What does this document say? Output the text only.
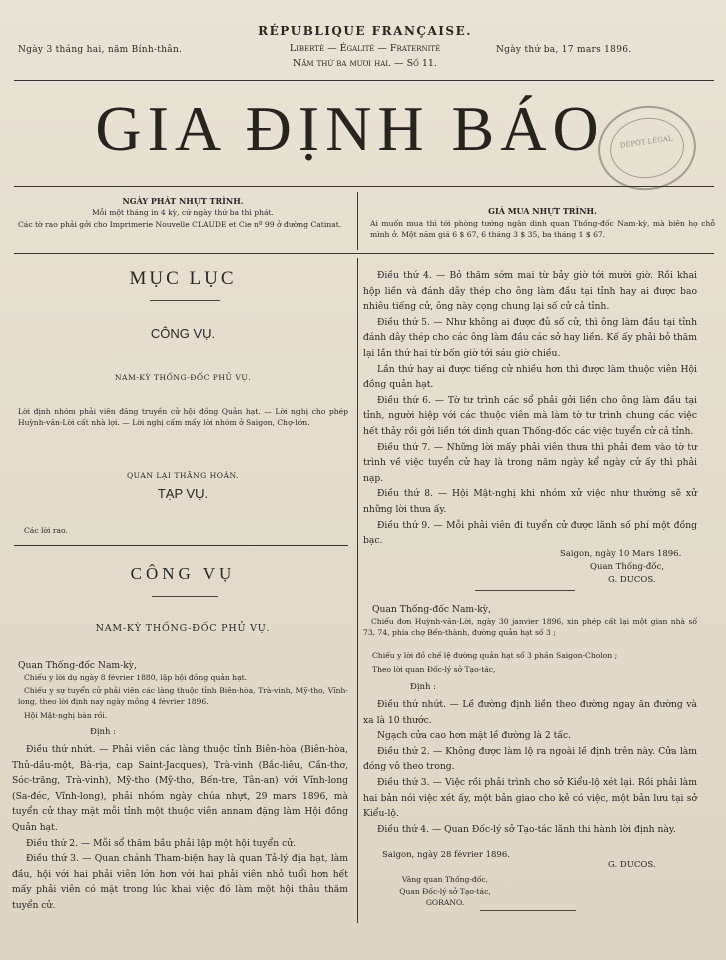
Ngày 3 tháng hai, năm Bính-thân.
RÉPUBLIQUE FRANÇAISE.
Liberté — Égalité — Fraternité
Năm thứ ba mươi hai. — Số 11.
Ngày thứ ba, 17 mars 1896.
GIA ĐỊNH BÁO	DÉPÔT LÉGAL
NGÀY PHÁT NHỰT TRÌNH.
Mỗi một tháng in 4 kỳ, cứ ngày thứ ba thì phát.
Các tờ rao phải gởi cho Imprimerie Nouvelle CLAUDE et Cie nº 99 ở đường Catinat.
GIÁ MUA NHỰT TRÌNH.
Ai muốn mua thì tới phòng tướng ngân dinh quan Thống-đốc Nam-kỳ, mà biên họ chỗ mình ở. Một năm giá 6 $ 67, 6 tháng 3 $ 35, ba tháng 1 $ 67.
MỤC LỤC
CÔNG VỤ.
NAM-KỲ THỐNG-ĐỐC PHỦ VỤ.
Lời định nhóm phải viên đăng truyền cử hội đồng Quản hạt. — Lời nghị cho phép Huỳnh-văn-Lời cất nhà lợi. — Lời nghị cấm mấy lời nhóm ở Saigon, Chợ-lớn.
QUAN LẠI THĂNG HOÁN.
TẠP VỤ.
Các lời rao.
CÔNG VỤ
NAM-KỲ THỐNG-ĐỐC PHỦ VỤ.
Quan Thống-đốc Nam-kỳ,
Chiếu y lời dụ ngày 8 février 1880, lập hội đồng quản hạt.
Chiếu y sự tuyển cử phải viên các làng thuộc tỉnh Biên-hòa, Trà-vinh, Mỹ-tho, Vĩnh-long, theo lời định nay ngày mồng 4 février 1896.
Hội Mật-nghị bàn rồi.
Định :

Điều thứ nhứt. — Phải viên các làng thuộc tỉnh Biên-hòa (Biên-hòa, Thủ-dầu-một, Bà-rịa, cap Saint-Jacques), Trà-vinh (Bắc-liêu, Cần-thơ, Sóc-trăng, Trà-vinh), Mỹ-tho (Mỹ-tho, Bến-tre, Tân-an) với Vĩnh-long (Sa-đéc, Vĩnh-long), phải nhóm ngày chúa nhựt, 29 mars 1896, mà tuyển cử thay mặt mỗi tỉnh một thuộc viên annam đặng làm Hội đồng Quản hạt.

Điều thứ 2. — Mỗi sổ thăm bầu phải lập một hội tuyển cử.

Điều thứ 3. — Quan chánh Tham-biện hay là quan Tả-lý địa hạt, làm đầu, hội với hai phải viên lớn hơn với hai phải viên nhỏ tuổi hơn hết mấy phải viên có mặt trong lúc khai việc đó làm một hội thâu thăm tuyển cử.

Điều thứ 4. — Bỏ thăm sớm mai từ bảy giờ tới mười giờ. Rồi khai hộp liền và đánh dây thép cho ông làm đầu tại tỉnh hay ai được bao nhiêu tiếng cử, ông này cọng chung lại số cử cả tỉnh.

Điều thứ 5. — Như không ai được đủ số cử, thì ông làm đầu tại tỉnh đánh dây thép cho các ông làm đầu các sở hay liền. Kế ấy phải bỏ thăm lại lần thứ hai từ bốn giờ tới sáu giờ chiều.

Lần thứ hay ai được tiếng cử nhiều hơn thì được làm thuộc viên Hội đồng quản hạt.

Điều thứ 6. — Tờ tư trình các sổ phải gởi liền cho ông làm đầu tại tỉnh, người hiệp với các thuộc viên mà làm tờ tư trình chung các việc hết thảy rồi gởi liền tới dinh quan Thống-đốc các việc tuyển cử cả tỉnh.

Điều thứ 7. — Những lời mấy phải viên thưa thì phải đem vào tờ tư trình về việc tuyển cử hay là trong năm ngày kể ngày cử ấy thì phải nạp.

Điều thứ 8. — Hội Mật-nghị khi nhóm xử việc như thường sẽ xử những lời thưa ấy.

Điều thứ 9. — Mỗi phải viên đi tuyển cử được lãnh số phí một đồng bạc.

Saigon, ngày 10 Mars 1896.
Quan Thống-đốc,
G. DUCOS.
Quan Thống-đốc Nam-kỳ,
Chiếu đơn Huỳnh-văn-Lời, ngày 30 janvier 1896, xin phép cất lại một gian nhà số 73, 74, phía chợ Bến-thành, đường quản hạt số 3 ;
Chiếu y lời đồ chế lệ đường quản hạt số 3 phần Saigon-Cholon ;
Theo lời quan Đốc-lý sở Tạo-tác,
Định :

Điều thứ nhứt. — Lề đường định liền theo đường ngay ăn đường và xa là 10 thước.

Ngạch cửa cao hơn mặt lề đường là 2 tấc.

Điều thứ 2. — Không được làm lộ ra ngoài lề định trên này. Cửa làm đóng vô theo trong.

Điều thứ 3. — Việc rồi phải trình cho sở Kiểu-lộ xét lại. Rồi phải làm hai bản nói việc xét ấy, một bản giao cho kẻ có việc, một bản lưu tại sở Kiểu-lộ.

Điều thứ 4. — Quan Đốc-lý sở Tạo-tác lãnh thi hành lời định này.

Saigon, ngày 28 février 1896.
G. DUCOS.
Vâng quan Thống-đốc,
Quan Đốc-lý sở Tạo-tác,
GORANO.
